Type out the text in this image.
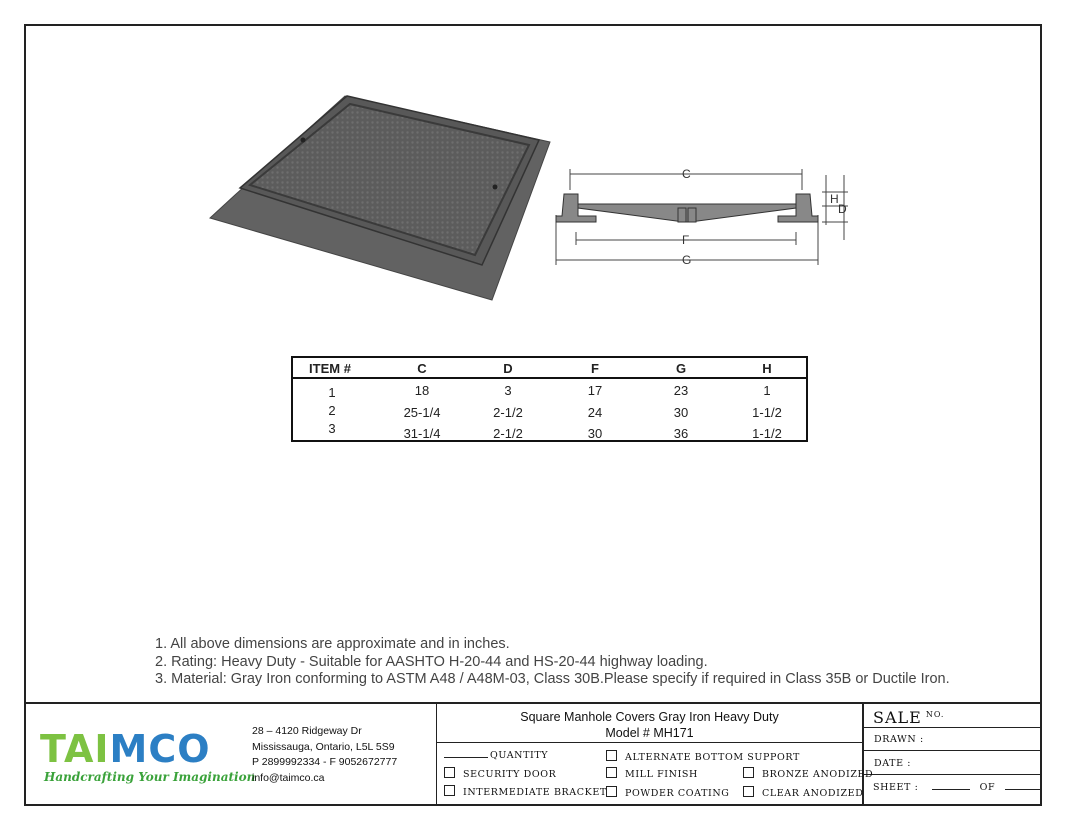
C
F
G
H
D
ITEM #	C	D	F	G	H
1	18	3	17	23	1
2	25-1/4	2-1/2	24	30	1-1/2
3	31-1/4	2-1/2	30	36	1-1/2
1. All above dimensions are approximate and in inches.
2. Rating: Heavy Duty - Suitable for AASHTO H-20-44 and HS-20-44 highway loading.
3. Material: Gray Iron conforming to ASTM A48 / A48M-03, Class 30B.Please specify if required in Class 35B or Ductile Iron.
TAIMCO
Handcrafting Your Imagination
28 – 4120 Ridgeway Dr
Mississauga, Ontario, L5L 5S9
P 2899992334 - F 9052672777
info@taimco.ca
Square Manhole Covers Gray Iron Heavy Duty
Model # MH171
QUANTITY
SECURITY DOOR
INTERMEDIATE BRACKET
ALTERNATE BOTTOM SUPPORT
MILL FINISH
POWDER COATING
BRONZE ANODIZED
CLEAR ANODIZED
SALE $^{NO.}$
DRAWN :
DATE :
SHEET :	OF
